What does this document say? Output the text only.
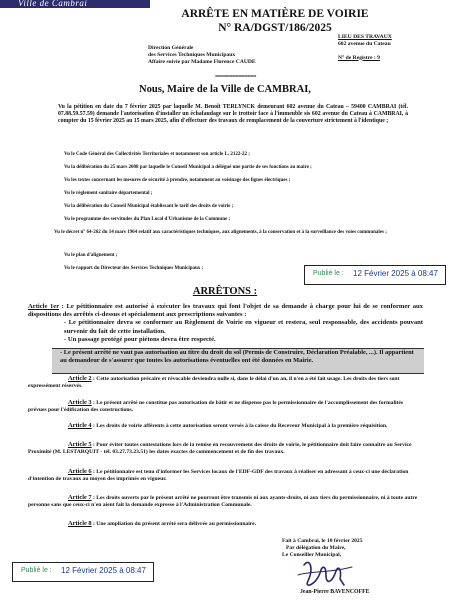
Ville de Cambrai
ARRÊTE EN MATIÈRE DE VOIRIE
N° RA/DGST/186/2025
Direction Générale
des Services Techniques Municipaux
Affaire suivie par Madame Florence CAUDE
LIEU DES TRAVAUX
602 avenue du Cateau
N° de Registre : 9
==============
Nous, Maire de la Ville de CAMBRAI,
Vu la pétition en date du 7 février 2025 par laquelle M. Benoît TERLYNCK demeurant 602 avenue du Cateau – 59400 CAMBRAI (tél. 07.88.59.57.59) demande l'autorisation d'installer un échafaudage sur le trottoir face à l'immeuble sis 602 avenue du Cateau à CAMBRAI, à compter du 15 février 2025 au 15 mars 2025, afin d'effectuer des travaux de remplacement de la couverture strictement à l'identique ;
Vu le Code Général des Collectivités Territoriales et notamment son article L. 2122-22 ;
Vu la délibération du 25 mars 2008 par laquelle le Conseil Municipal a délégué une partie de ses fonctions au maire ;
Vu les textes concernant les mesures de sécurité à prendre, notamment au voisinage des lignes électriques ;
Vu le règlement sanitaire départemental ;
Vu la délibération du Conseil Municipal établissant le tarif des droits de voirie ;
Vu le programme des servitudes du Plan Local d'Urbanisme de la Commune ;
Vu le décret n° 64-262 du 14 mars 1964 relatif aux caractéristiques techniques, aux alignements, à la conservation et à la surveillance des voies communales ;
Vu le plan d'alignement ;
Vu le rapport du Directeur des Services Techniques Municipaux ;
Publié le : 12 Février 2025 à 08:47
ARRÊTONS :
Article 1er : Le pétitionnaire est autorisé à exécuter les travaux qui font l'objet de sa demande à charge pour lui de se conformer aux dispositions des arrêtés ci-dessus et spécialement aux prescriptions suivantes :
- Le pétitionnaire devra se conformer au Règlement de Voirie en vigueur et restera, seul responsable, des accidents pouvant survenir du fait de cette installation.
- Un passage protégé pour piétons devra être respecté.
- Le présent arrêté ne vaut pas autorisation au titre du droit du sol (Permis de Construire, Déclaration Préalable, ...). Il appartient au demandeur de s'assurer que toutes les autorisations éventuelles ont été données en Mairie.
Article 2 : Cette autorisation précaire et révocable deviendra nulle si, dans le délai d'un an, il n'en a été fait usage. Les droits des tiers sont expressément réservés.
Article 3 : Le présent arrêté ne constitue pas autorisation de bâtir et ne dispense pas le permissionnaire de l'accomplissement des formalités prévues pour l'édification des constructions.
Article 4 : Les droits de voirie afférents à cette autorisation seront versés à la caisse du Receveur Municipal à la première réquisition.
Article 5 : Pour éviter toutes contestations lors de la remise en recouvrement des droits de voirie, le pétitionnaire doit faire connaître au Service Proximité (M. LESTARQUIT - tél. 03.27.73.23.51) les dates exactes de commencement et de fin des travaux.
Article 6 : Le pétitionnaire est tenu d'informer les Services locaux de l'EDF-GDF des travaux à réaliser en adressant à ceux-ci une déclaration d'intention de travaux au moyen des imprimés en vigueur.
Article 7 : Les droits ouverts par le présent arrêté ne pourront être transmis ni aux ayants-droits, ni aux tiers du permissionnaire, ni à toute autre personne sans que ceux-ci n'en aient fait la demande expresse à l'Administration Communale.
Article 8 : Une ampliation du présent arrêté sera délivrée au permissionnaire.
Fait à Cambrai, le 10 février 2025
Par délégation du Maire,
Le Conseiller Municipal,
Jean-Pierre BAVENCOFFE
Publié le : 12 Février 2025 à 08:47
